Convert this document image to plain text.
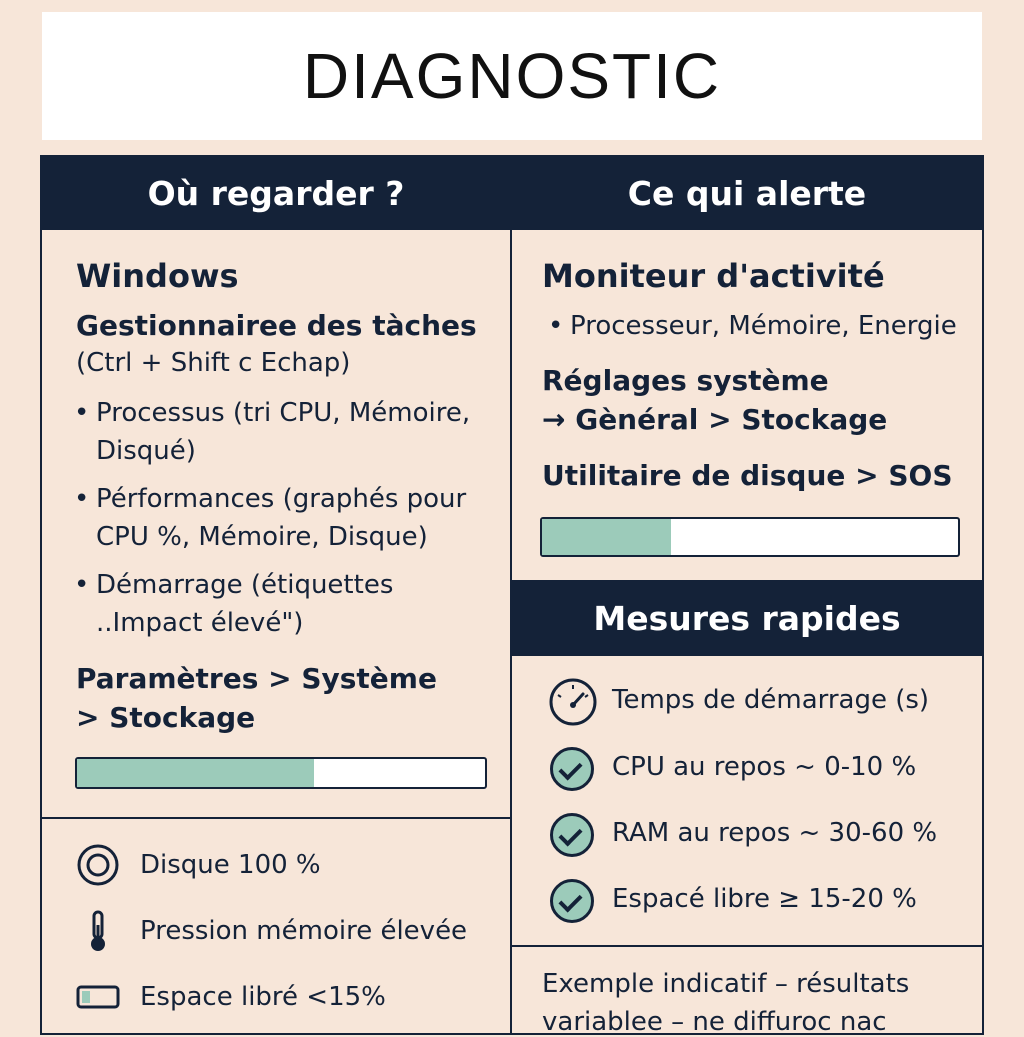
DIAGNOSTIC
Où regarder ?
Windows
Gestionnairee des tàches
(Ctrl + Shift c Echap)
• Processus (tri CPU, Mémoire,
Disqué)
• Pérformances (graphés pour
CPU %, Mémoire, Disque)
• Démarrage (étiquettes
..Impact élevé")
Paramètres > Système
> Stockage
Disque 100 %
Pression mémoire élevée
Espace libré <15%
Ce qui alerte
Moniteur d'activité
• Processeur, Mémoire, Energie
Réglages système
→ Gènéral > Stockage
Utilitaire de disque > SOS
Mesures rapides
Temps de démarrage (s)
CPU au repos ~ 0-10 %
RAM au repos ~ 30-60 %
Espacé libre ≥ 15-20 %
Exemple indicatif – résultats
variablee – ne diffuroc nac
